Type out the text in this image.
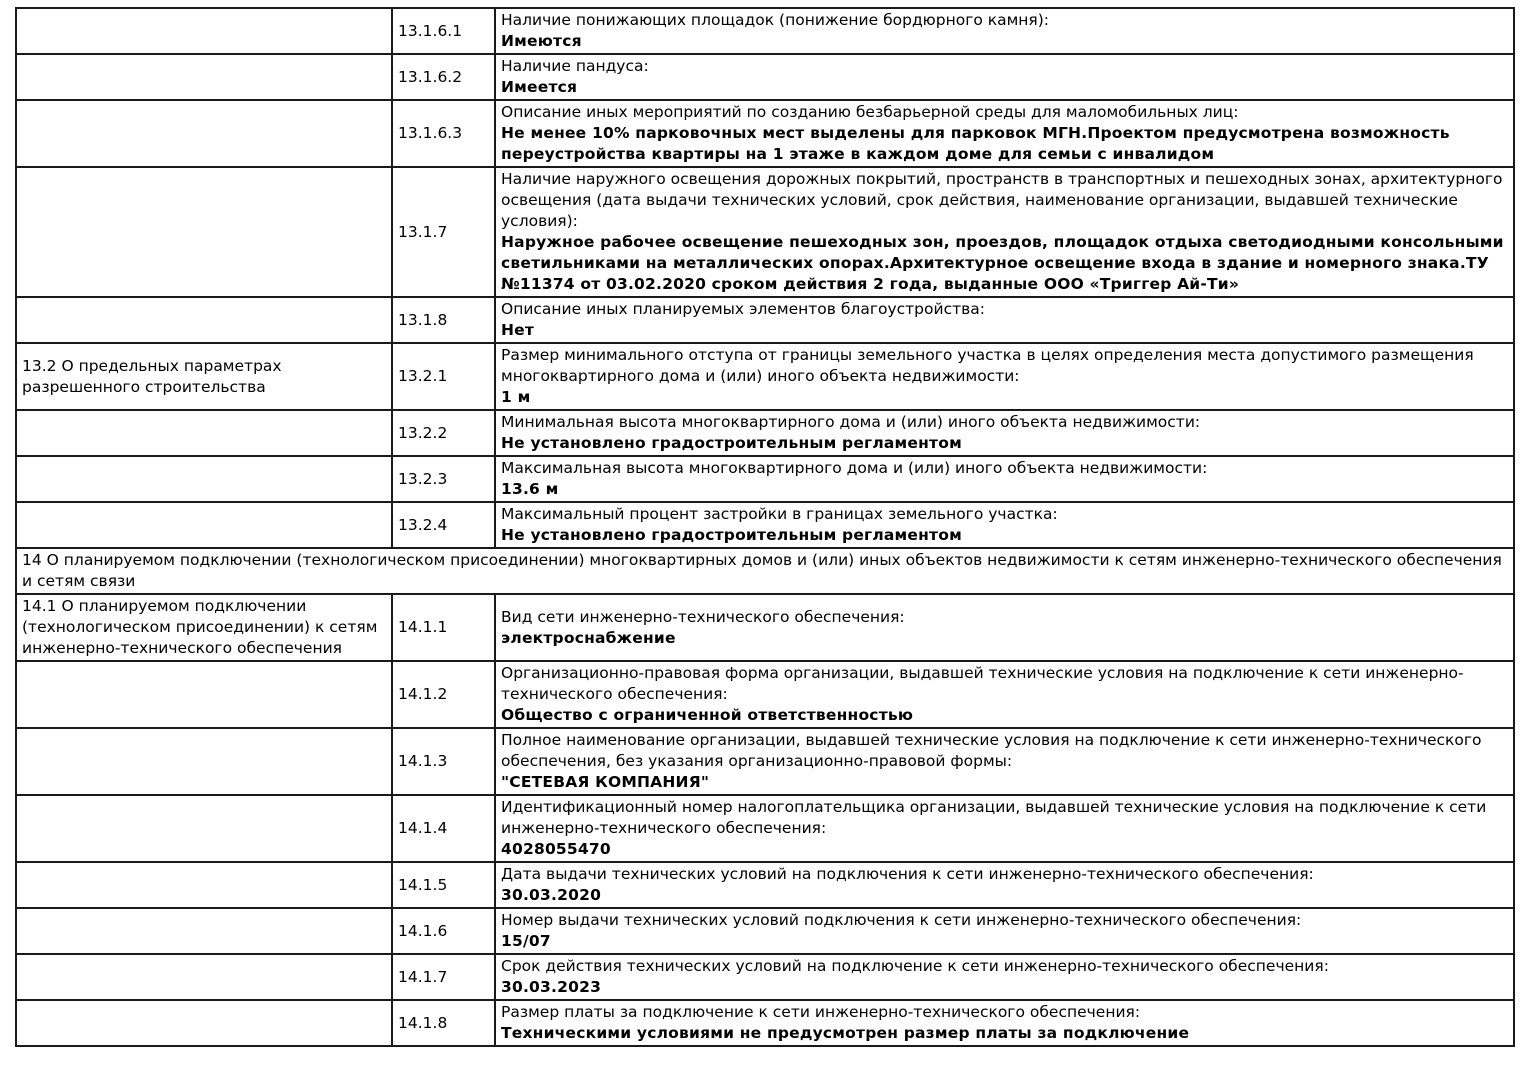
	13.1.6.1	Наличие понижающих площадок (понижение бордюрного камня):
Имеются

	13.1.6.2	Наличие пандуса:
Имеется

	13.1.6.3	Описание иных мероприятий по созданию безбарьерной среды для маломобильных лиц:
Не менее 10% парковочных мест выделены для парковок МГН.Проектом предусмотрена возможность переустройства квартиры на 1 этаже в каждом доме для семьи с инвалидом

	13.1.7	Наличие наружного освещения дорожных покрытий, пространств в транспортных и пешеходных зонах, архитектурного освещения (дата выдачи технических условий, срок действия, наименование организации, выдавшей технические условия):
Наружное рабочее освещение пешеходных зон, проездов, площадок отдыха светодиодными консольными светильниками на металлических опорах.Архитектурное освещение входа в здание и номерного знака.ТУ №11374 от 03.02.2020 сроком действия 2 года, выданные ООО «Триггер Ай-Ти»

	13.1.8	Описание иных планируемых элементов благоустройства:
Нет

13.2 О предельных параметрах разрешенного строительства	13.2.1	Размер минимального отступа от границы земельного участка в целях определения места допустимого размещения многоквартирного дома и (или) иного объекта недвижимости:
1 м

	13.2.2	Минимальная высота многоквартирного дома и (или) иного объекта недвижимости:
Не установлено градостроительным регламентом

	13.2.3	Максимальная высота многоквартирного дома и (или) иного объекта недвижимости:
13.6 м

	13.2.4	Максимальный процент застройки в границах земельного участка:
Не установлено градостроительным регламентом

14 О планируемом подключении (технологическом присоединении) многоквартирных домов и (или) иных объектов недвижимости к сетям инженерно-технического обеспечения и сетям связи		
14.1 О планируемом подключении (технологическом присоединении) к сетям инженерно-технического обеспечения	14.1.1	Вид сети инженерно-технического обеспечения:
электроснабжение

	14.1.2	Организационно-правовая форма организации, выдавшей технические условия на подключение к сети инженерно-технического обеспечения:
Общество с ограниченной ответственностью

	14.1.3	Полное наименование организации, выдавшей технические условия на подключение к сети инженерно-технического обеспечения, без указания организационно-правовой формы:
"СЕТЕВАЯ КОМПАНИЯ"

	14.1.4	Идентификационный номер налогоплательщика организации, выдавшей технические условия на подключение к сети инженерно-технического обеспечения:
4028055470

	14.1.5	Дата выдачи технических условий на подключения к сети инженерно-технического обеспечения:
30.03.2020

	14.1.6	Номер выдачи технических условий подключения к сети инженерно-технического обеспечения:
15/07

	14.1.7	Срок действия технических условий на подключение к сети инженерно-технического обеспечения:
30.03.2023

	14.1.8	Размер платы за подключение к сети инженерно-технического обеспечения:
Техническими условиями не предусмотрен размер платы за подключение
